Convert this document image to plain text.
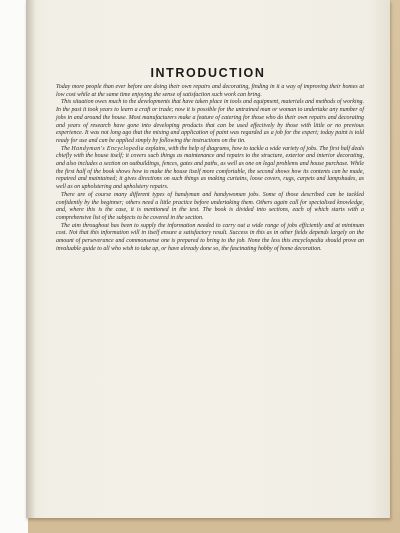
INTRODUCTION

Today more people than ever before are doing their own repairs and decorating, finding in it a way of improving their homes at low cost while at the same time enjoying the sense of satisfaction such work can bring.

This situation owes much to the developments that have taken place in tools and equipment, materials and methods of working. In the past it took years to learn a craft or trade; now it is possible for the untrained man or woman to undertake any number of jobs in and around the house. Most manufacturers make a feature of catering for those who do their own repairs and decorating and years of research have gone into developing products that can be used effectively by those with little or no previous experience. It was not long ago that the mixing and application of paint was regarded as a job for the expert; today paint is told ready for use and can be applied simply by following the instructions on the tin.

The Handyman's Encyclopedia explains, with the help of diagrams, how to tackle a wide variety of jobs. The first half deals chiefly with the house itself; it covers such things as maintenance and repairs to the structure, exterior and interior decorating, and also includes a section on outbuildings, fences, gates and paths, as well as one on legal problems and house purchase. While the first half of the book shows how to make the house itself more comfortable, the second shows how its contents can be made, repaired and maintained; it gives directions on such things as making curtains, loose covers, rugs, carpets and lampshades, as well as on upholstering and upholstery repairs.

There are of course many different types of handyman and handywoman jobs. Some of those described can be tackled confidently by the beginner; others need a little practice before undertaking them. Others again call for specialised knowledge, and, where this is the case, it is mentioned in the text. The book is divided into sections, each of which starts with a comprehensive list of the subjects to be covered in the section.

The aim throughout has been to supply the information needed to carry out a wide range of jobs efficiently and at minimum cost. Not that this information will in itself ensure a satisfactory result. Success in this as in other fields depends largely on the amount of perseverance and commonsense one is prepared to bring to the job. None the less this encyclopedia should prove an invaluable guide to all who wish to take up, or have already done so, the fascinating hobby of home decoration.
